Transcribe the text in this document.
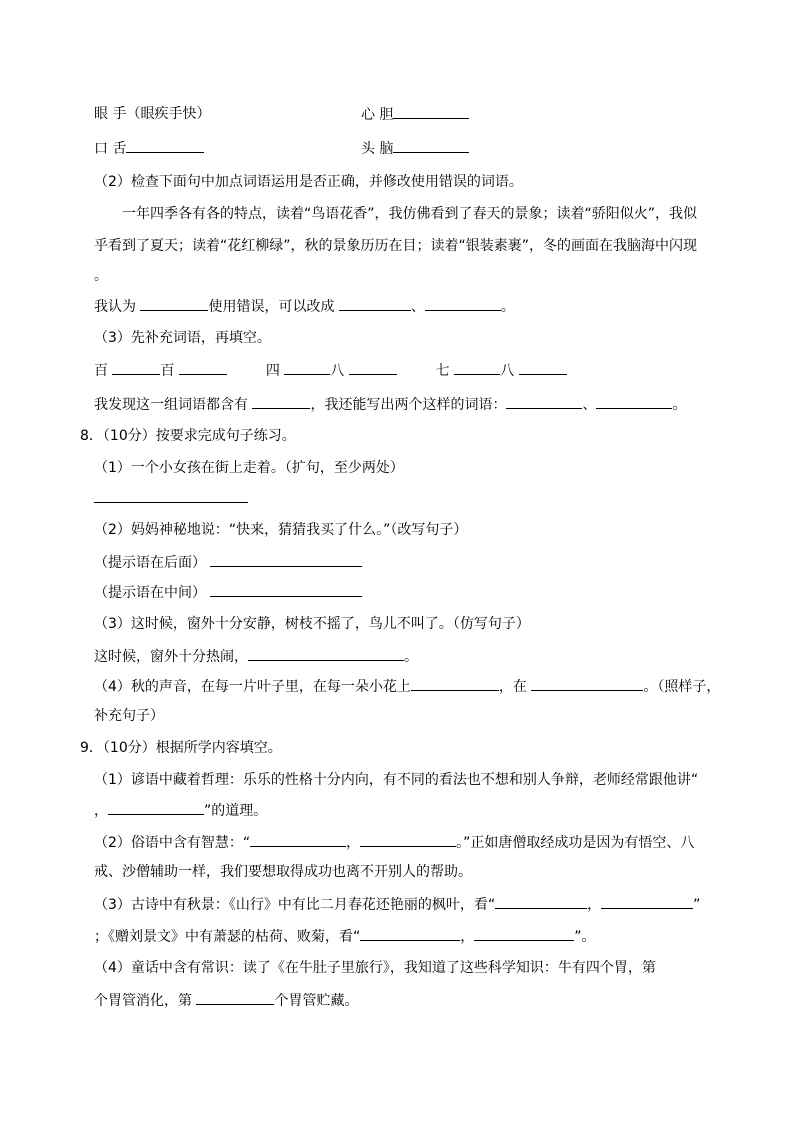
眼 手（眼疾手快）	心 胆
口 舌	头 脑
（2）检查下面句中加点词语运用是否正确，并修改使用错误的词语。
一年四季各有各的特点，读着“鸟语花香”，我仿佛看到了春天的景象；读着“骄阳似火”，我似
乎看到了夏天；读着“花红柳绿”，秋的景象历历在目；读着“银装素裹”，冬的画面在我脑海中闪现
。
我认为	使用错误，可以改成	、	。
（3）先补充词语，再填空。
百	百	四	八	七	八
我发现这一组词语都含有	，我还能写出两个这样的词语：	、	。
8．（10分）按要求完成句子练习。
（1）一个小女孩在街上走着。（扩句，至少两处）
（2）妈妈神秘地说：“快来，猜猜我买了什么。”（改写句子）
（提示语在后面）
（提示语在中间）
（3）这时候，窗外十分安静，树枝不摇了，鸟儿不叫了。（仿写句子）
这时候，窗外十分热闹，	。
（4）秋的声音，在每一片叶子里，在每一朵小花上	，在	。（照样子，
补充句子）
9．（10分）根据所学内容填空。
（1）谚语中藏着哲理：乐乐的性格十分内向，有不同的看法也不想和别人争辩，老师经常跟他讲“
，	”的道理。
（2）俗语中含有智慧：“	，	。”正如唐僧取经成功是因为有悟空、八
戒、沙僧辅助一样，我们要想取得成功也离不开别人的帮助。
（3）古诗中有秋景：《山行》中有比二月春花还艳丽的枫叶，看“	，	”
；《赠刘景文》中有萧瑟的枯荷、败菊，看“	，	”。
（4）童话中含有常识：读了《在牛肚子里旅行》，我知道了这些科学知识：牛有四个胃，第
个胃管消化，第	个胃管贮藏。
